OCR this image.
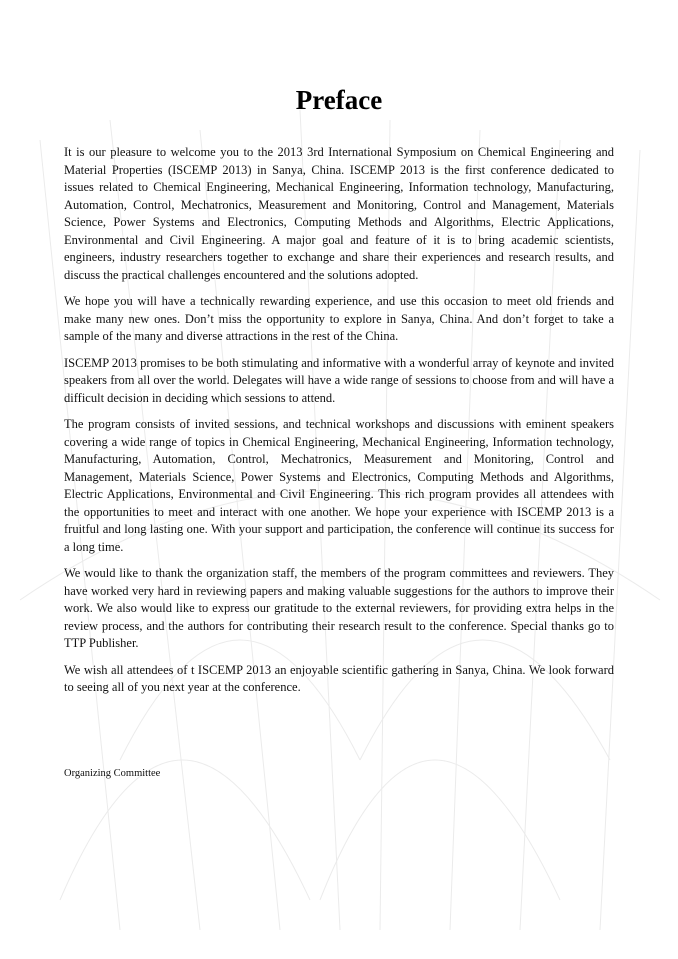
Preface

It is our pleasure to welcome you to the 2013 3rd International Symposium on Chemical Engineering and Material Properties (ISCEMP 2013) in Sanya, China. ISCEMP 2013 is the first conference dedicated to issues related to Chemical Engineering, Mechanical Engineering, Information technology, Manufacturing, Automation, Control, Mechatronics, Measurement and Monitoring, Control and Management, Materials Science, Power Systems and Electronics, Computing Methods and Algorithms, Electric Applications, Environmental and Civil Engineering. A major goal and feature of it is to bring academic scientists, engineers, industry researchers together to exchange and share their experiences and research results, and discuss the practical challenges encountered and the solutions adopted.

We hope you will have a technically rewarding experience, and use this occasion to meet old friends and make many new ones. Don’t miss the opportunity to explore in Sanya, China. And don’t forget to take a sample of the many and diverse attractions in the rest of the China.

ISCEMP 2013 promises to be both stimulating and informative with a wonderful array of keynote and invited speakers from all over the world. Delegates will have a wide range of sessions to choose from and will have a difficult decision in deciding which sessions to attend.

The program consists of invited sessions, and technical workshops and discussions with eminent speakers covering a wide range of topics in Chemical Engineering, Mechanical Engineering, Information technology, Manufacturing, Automation, Control, Mechatronics, Measurement and Monitoring, Control and Management, Materials Science, Power Systems and Electronics, Computing Methods and Algorithms, Electric Applications, Environmental and Civil Engineering. This rich program provides all attendees with the opportunities to meet and interact with one another. We hope your experience with ISCEMP 2013 is a fruitful and long lasting one. With your support and participation, the conference will continue its success for a long time.

We would like to thank the organization staff, the members of the program committees and reviewers. They have worked very hard in reviewing papers and making valuable suggestions for the authors to improve their work. We also would like to express our gratitude to the external reviewers, for providing extra helps in the review process, and the authors for contributing their research result to the conference. Special thanks go to TTP Publisher.

We wish all attendees of t ISCEMP 2013 an enjoyable scientific gathering in Sanya, China. We look forward to seeing all of you next year at the conference.

Organizing Committee
